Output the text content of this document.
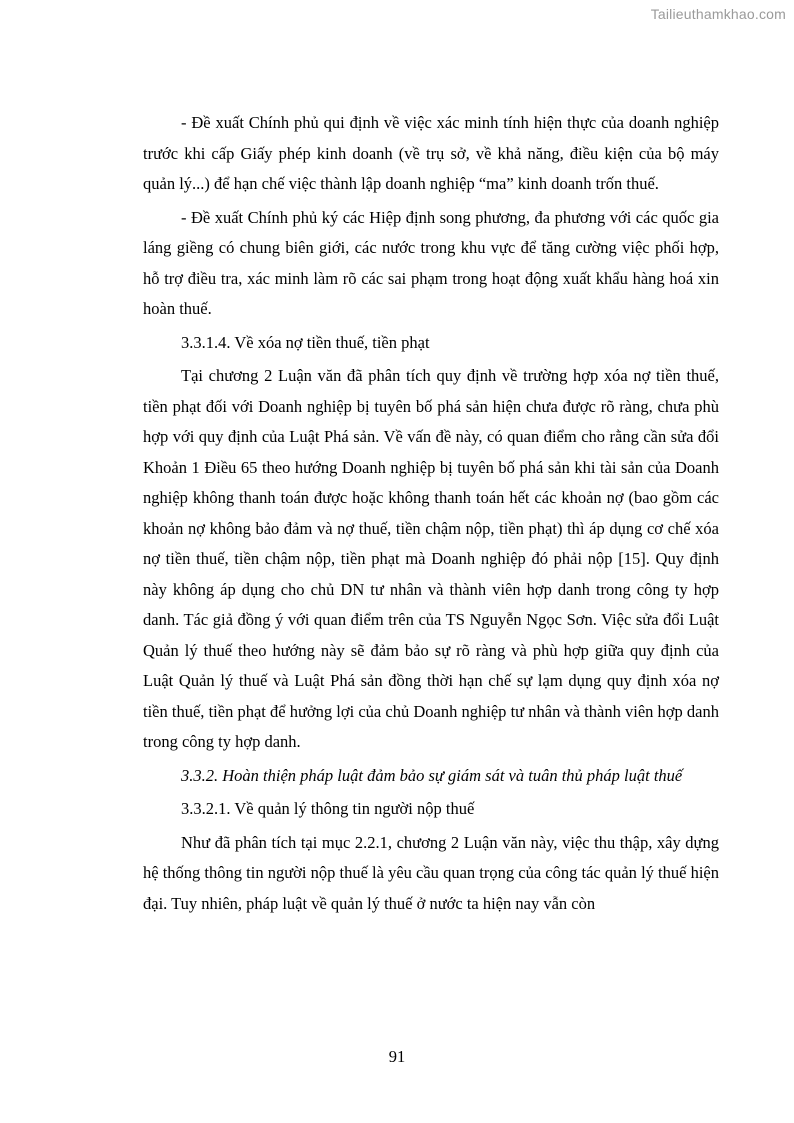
Tailieuthamkhao.com

- Đề xuất Chính phủ qui định về việc xác minh tính hiện thực của doanh nghiệp trước khi cấp Giấy phép kinh doanh (về trụ sở, về khả năng, điều kiện của bộ máy quản lý...) để hạn chế việc thành lập doanh nghiệp “ma” kinh doanh trốn thuế.

- Đề xuất Chính phủ ký các Hiệp định song phương, đa phương với các quốc gia láng giềng có chung biên giới, các nước trong khu vực để tăng cường việc phối hợp, hỗ trợ điều tra, xác minh làm rõ các sai phạm trong hoạt động xuất khẩu hàng hoá xin hoàn thuế.

3.3.1.4. Về xóa nợ tiền thuế, tiền phạt

Tại chương 2 Luận văn đã phân tích quy định về trường hợp xóa nợ tiền thuế, tiền phạt đối với Doanh nghiệp bị tuyên bố phá sản hiện chưa được rõ ràng, chưa phù hợp với quy định của Luật Phá sản. Về vấn đề này, có quan điểm cho rằng cần sửa đổi Khoản 1 Điều 65 theo hướng Doanh nghiệp bị tuyên bố phá sản khi tài sản của Doanh nghiệp không thanh toán được hoặc không thanh toán hết các khoản nợ (bao gồm các khoản nợ không bảo đảm và nợ thuế, tiền chậm nộp, tiền phạt) thì áp dụng cơ chế xóa nợ tiền thuế, tiền chậm nộp, tiền phạt mà Doanh nghiệp đó phải nộp [15]. Quy định này không áp dụng cho chủ DN tư nhân và thành viên hợp danh trong công ty hợp danh. Tác giả đồng ý với quan điểm trên của TS Nguyễn Ngọc Sơn. Việc sửa đổi Luật Quản lý thuế theo hướng này sẽ đảm bảo sự rõ ràng và phù hợp giữa quy định của Luật Quản lý thuế và Luật Phá sản đồng thời hạn chế sự lạm dụng quy định xóa nợ tiền thuế, tiền phạt để hưởng lợi của chủ Doanh nghiệp tư nhân và thành viên hợp danh trong công ty hợp danh.

3.3.2. Hoàn thiện pháp luật đảm bảo sự giám sát và tuân thủ pháp luật thuế

3.3.2.1. Về quản lý thông tin người nộp thuế

Như đã phân tích tại mục 2.2.1, chương 2 Luận văn này, việc thu thập, xây dựng hệ thống thông tin người nộp thuế là yêu cầu quan trọng của công tác quản lý thuế hiện đại. Tuy nhiên, pháp luật về quản lý thuế ở nước ta hiện nay vẫn còn

91
